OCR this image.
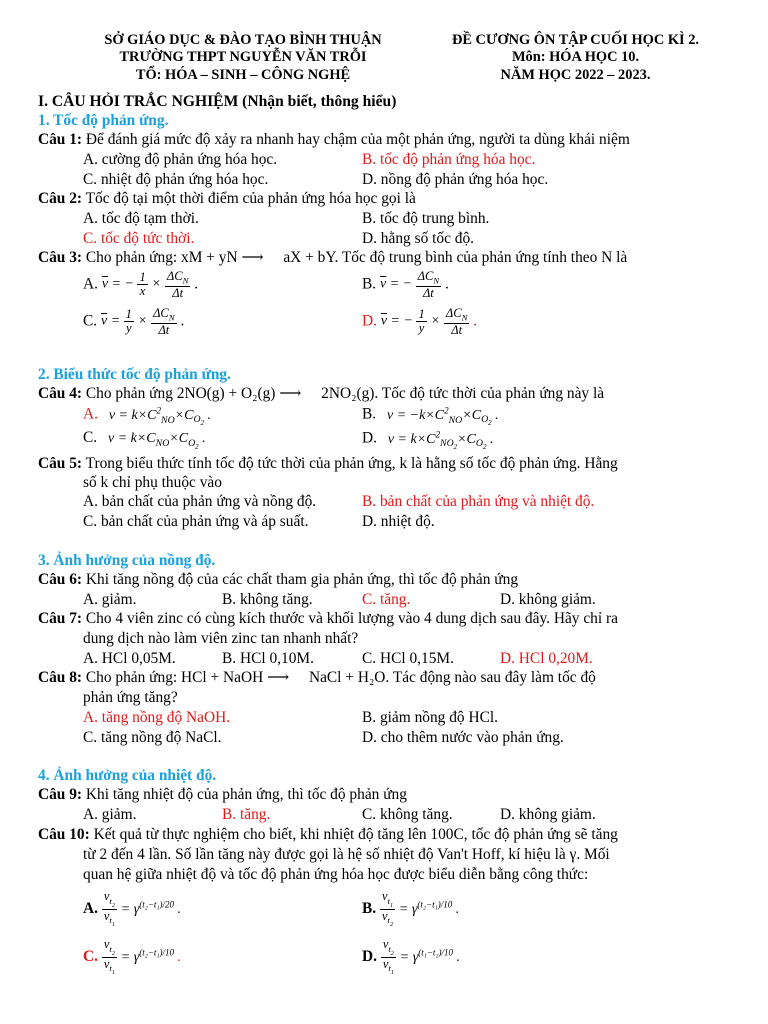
SỞ GIÁO DỤC & ĐÀO TẠO BÌNH THUẬN
TRƯỜNG THPT NGUYỄN VĂN TRỖI
TỔ: HÓA – SINH – CÔNG NGHỆ
ĐỀ CƯƠNG ÔN TẬP CUỐI HỌC KÌ 2.
Môn: HÓA HỌC 10.
NĂM HỌC 2022 – 2023.
I. CÂU HỎI TRẮC NGHIỆM (Nhận biết, thông hiểu)
1. Tốc độ phản ứng.
Câu 1: Để đánh giá mức độ xảy ra nhanh hay chậm của một phản ứng, người ta dùng khái niệm
A. cường độ phản ứng hóa học.	B. tốc độ phản ứng hóa học.
C. nhiệt độ phản ứng hóa học.	D. nồng độ phản ứng hóa học.
Câu 2: Tốc độ tại một thời điểm của phản ứng hóa học gọi là
A. tốc độ tạm thời.	B. tốc độ trung bình.
C. tốc độ tức thời.	D. hằng số tốc độ.
Câu 3: Cho phản ứng: xM + yN ⟶ aX + bY. Tốc độ trung bình của phản ứng tính theo N là
A. $\overline{v}$ = − $\frac{1}{x} \times \frac{\Delta C_N}{\Delta t}$ .	B. $\overline{v}$ = − $\frac{\Delta C_N}{\Delta t}$ .
C. $\overline{v} = \frac{1}{y} \times \frac{\Delta C_N}{\Delta t}$ .	D. $\overline{v}$ = − $\frac{1}{y} \times \frac{\Delta C_N}{\Delta t}$ .
2. Biểu thức tốc độ phản ứng.
Câu 4: Cho phản ứng 2NO(g) + O₂(g) ⟶ 2NO₂(g). Tốc độ tức thời của phản ứng này là
A.   $v = k\times C^2_{NO}\times C_{O_2}$ .	B.   $v = -k\times C^2_{NO}\times C_{O_2}$ .
C.   $v = k\times C_{NO}\times C_{O_2}$ .	D.   $v = k\times C^2_{NO_2}\times C_{O_2}$ .
Câu 5: Trong biểu thức tính tốc độ tức thời của phản ứng, k là hằng số tốc độ phản ứng. Hằng
số k chỉ phụ thuộc vào
A. bản chất của phản ứng và nồng độ.	B. bản chất của phản ứng và nhiệt độ.
C. bản chất của phản ứng và áp suất.	D. nhiệt độ.
3. Ảnh hưởng của nồng độ.
Câu 6: Khi tăng nồng độ của các chất tham gia phản ứng, thì tốc độ phản ứng
A. giảm.	B. không tăng.	C. tăng.	D. không giảm.
Câu 7: Cho 4 viên zinc có cùng kích thước và khối lượng vào 4 dung dịch sau đây. Hãy chỉ ra
dung dịch nào làm viên zinc tan nhanh nhất?
A. HCl 0,05M.	B. HCl 0,10M.	C. HCl 0,15M.	D. HCl 0,20M.
Câu 8: Cho phản ứng: HCl + NaOH ⟶ NaCl + H₂O. Tác động nào sau đây làm tốc độ
phản ứng tăng?
A. tăng nồng độ NaOH.	B. giảm nồng độ HCl.
C. tăng nồng độ NaCl.	D. cho thêm nước vào phản ứng.
4. Ảnh hưởng của nhiệt độ.
Câu 9: Khi tăng nhiệt độ của phản ứng, thì tốc độ phản ứng
A. giảm.	B. tăng.	C. không tăng.	D. không giảm.
Câu 10: Kết quả từ thực nghiệm cho biết, khi nhiệt độ tăng lên 100C, tốc độ phản ứng sẽ tăng
từ 2 đến 4 lần. Số lần tăng này được gọi là hệ số nhiệt độ Van't Hoff, kí hiệu là γ. Mối
quan hệ giữa nhiệt độ và tốc độ phản ứng hóa học được biểu diễn bằng công thức:
A. $\frac{v_{t_2}}{v_{t_1}} = \gamma^{(t_2-t_1)/20}$ .	B. $\frac{v_{t_1}}{v_{t_2}} = \gamma^{(t_2-t_1)/10}$ .
C. $\frac{v_{t_2}}{v_{t_1}} = \gamma^{(t_2-t_1)/10}$ .	D. $\frac{v_{t_2}}{v_{t_1}} = \gamma^{(t_1-t_2)/10}$ .
